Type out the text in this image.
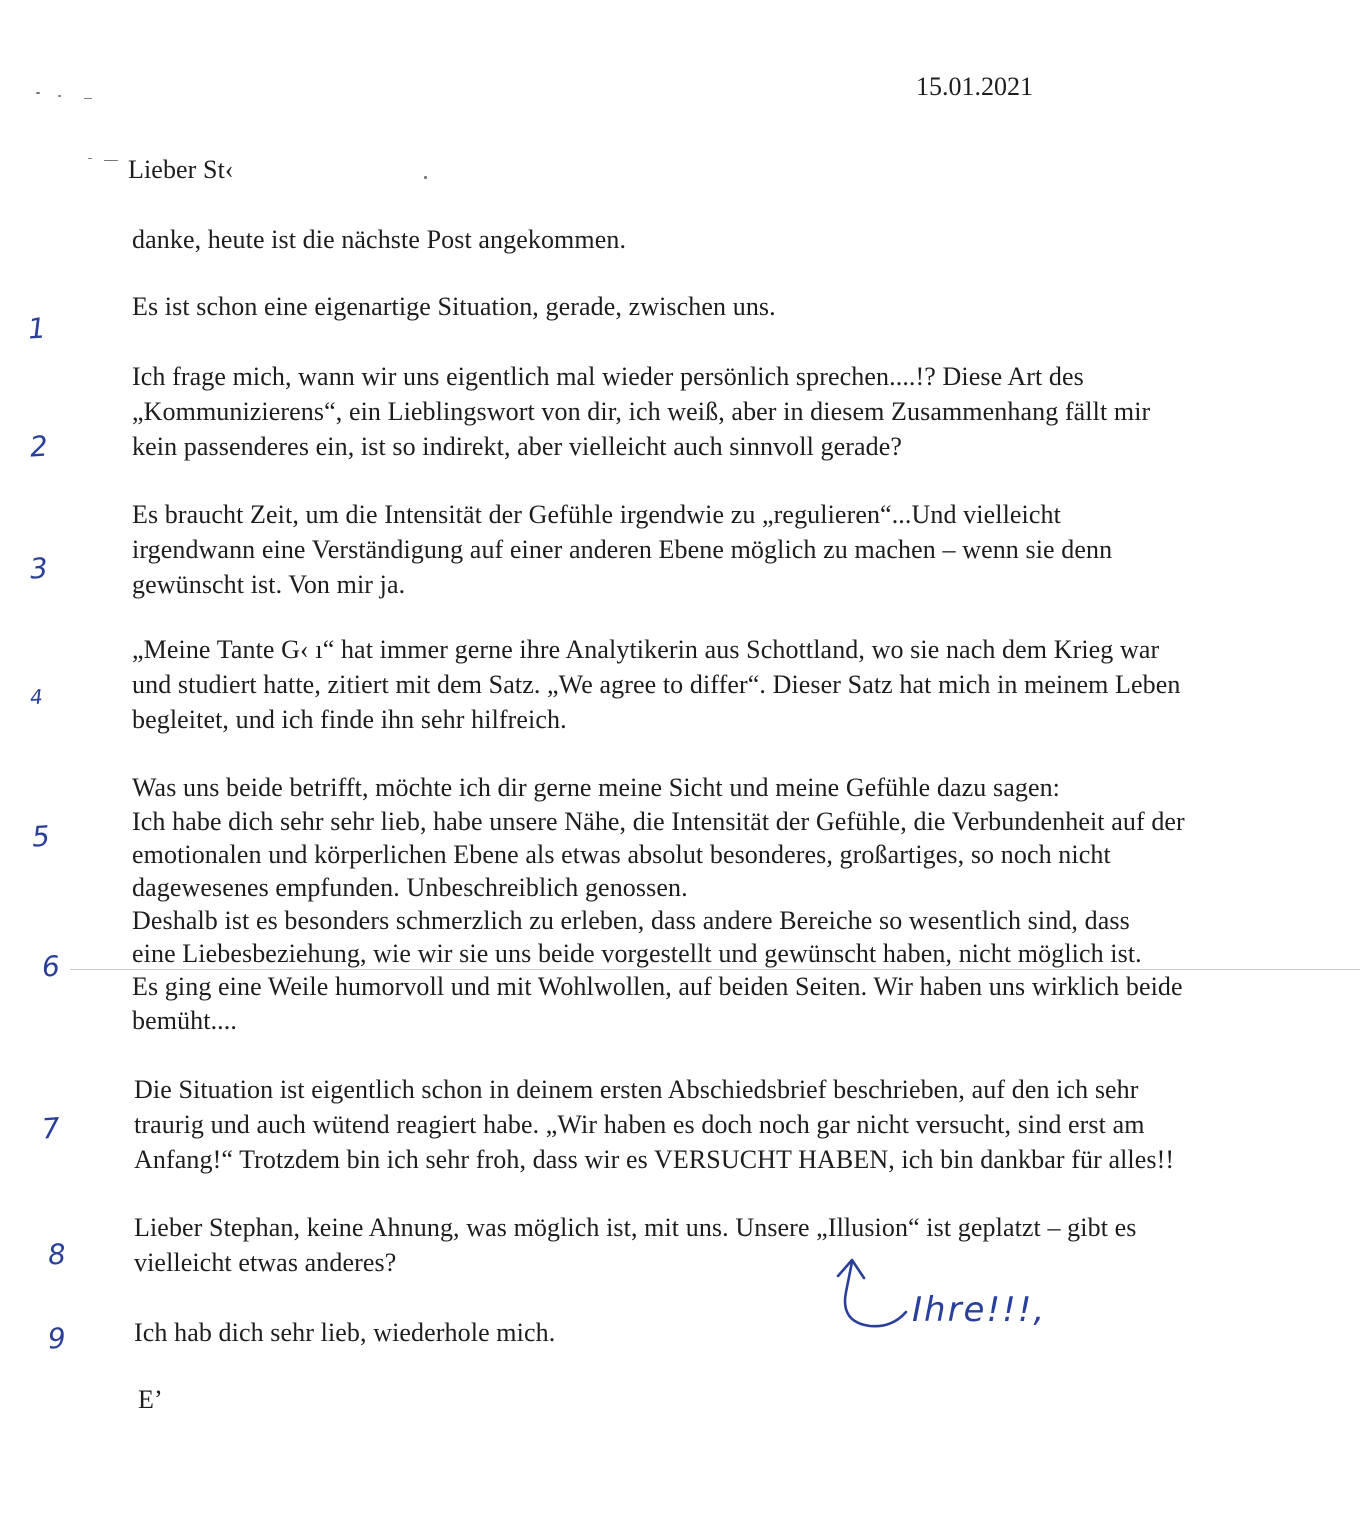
15.01.2021
Lieber St‹
danke, heute ist die nächste Post angekommen.
Es ist schon eine eigenartige Situation, gerade, zwischen uns.
Ich frage mich, wann wir uns eigentlich mal wieder persönlich sprechen....!? Diese Art des
„Kommunizierens“, ein Lieblingswort von dir, ich weiß, aber in diesem Zusammenhang fällt mir
kein passenderes ein, ist so indirekt, aber vielleicht auch sinnvoll gerade?
Es braucht Zeit, um die Intensität der Gefühle irgendwie zu „regulieren“...Und vielleicht
irgendwann eine Verständigung auf einer anderen Ebene möglich zu machen – wenn sie denn
gewünscht ist. Von mir ja.
„Meine Tante G‹ ı“ hat immer gerne ihre Analytikerin aus Schottland, wo sie nach dem Krieg war
und studiert hatte, zitiert mit dem Satz. „We agree to differ“. Dieser Satz hat mich in meinem Leben
begleitet, und ich finde ihn sehr hilfreich.
Was uns beide betrifft, möchte ich dir gerne meine Sicht und meine Gefühle dazu sagen:
Ich habe dich sehr sehr lieb, habe unsere Nähe, die Intensität der Gefühle, die Verbundenheit auf der
emotionalen und körperlichen Ebene als etwas absolut besonderes, großartiges, so noch nicht
dagewesenes empfunden. Unbeschreiblich genossen.
Deshalb ist es besonders schmerzlich zu erleben, dass andere Bereiche so wesentlich sind, dass
eine Liebesbeziehung, wie wir sie uns beide vorgestellt und gewünscht haben, nicht möglich ist.
Es ging eine Weile humorvoll und mit Wohlwollen, auf beiden Seiten. Wir haben uns wirklich beide
bemüht....
Die Situation ist eigentlich schon in deinem ersten Abschiedsbrief beschrieben, auf den ich sehr
traurig und auch wütend reagiert habe. „Wir haben es doch noch gar nicht versucht, sind erst am
Anfang!“ Trotzdem bin ich sehr froh, dass wir es VERSUCHT HABEN, ich bin dankbar für alles!!
Lieber Stephan, keine Ahnung, was möglich ist, mit uns. Unsere „Illusion“ ist geplatzt – gibt es
vielleicht etwas anderes?
Ich hab dich sehr lieb, wiederhole mich.
Eʼ
1
2
3
4
5
6
7
8
9
Ihre!!!,
